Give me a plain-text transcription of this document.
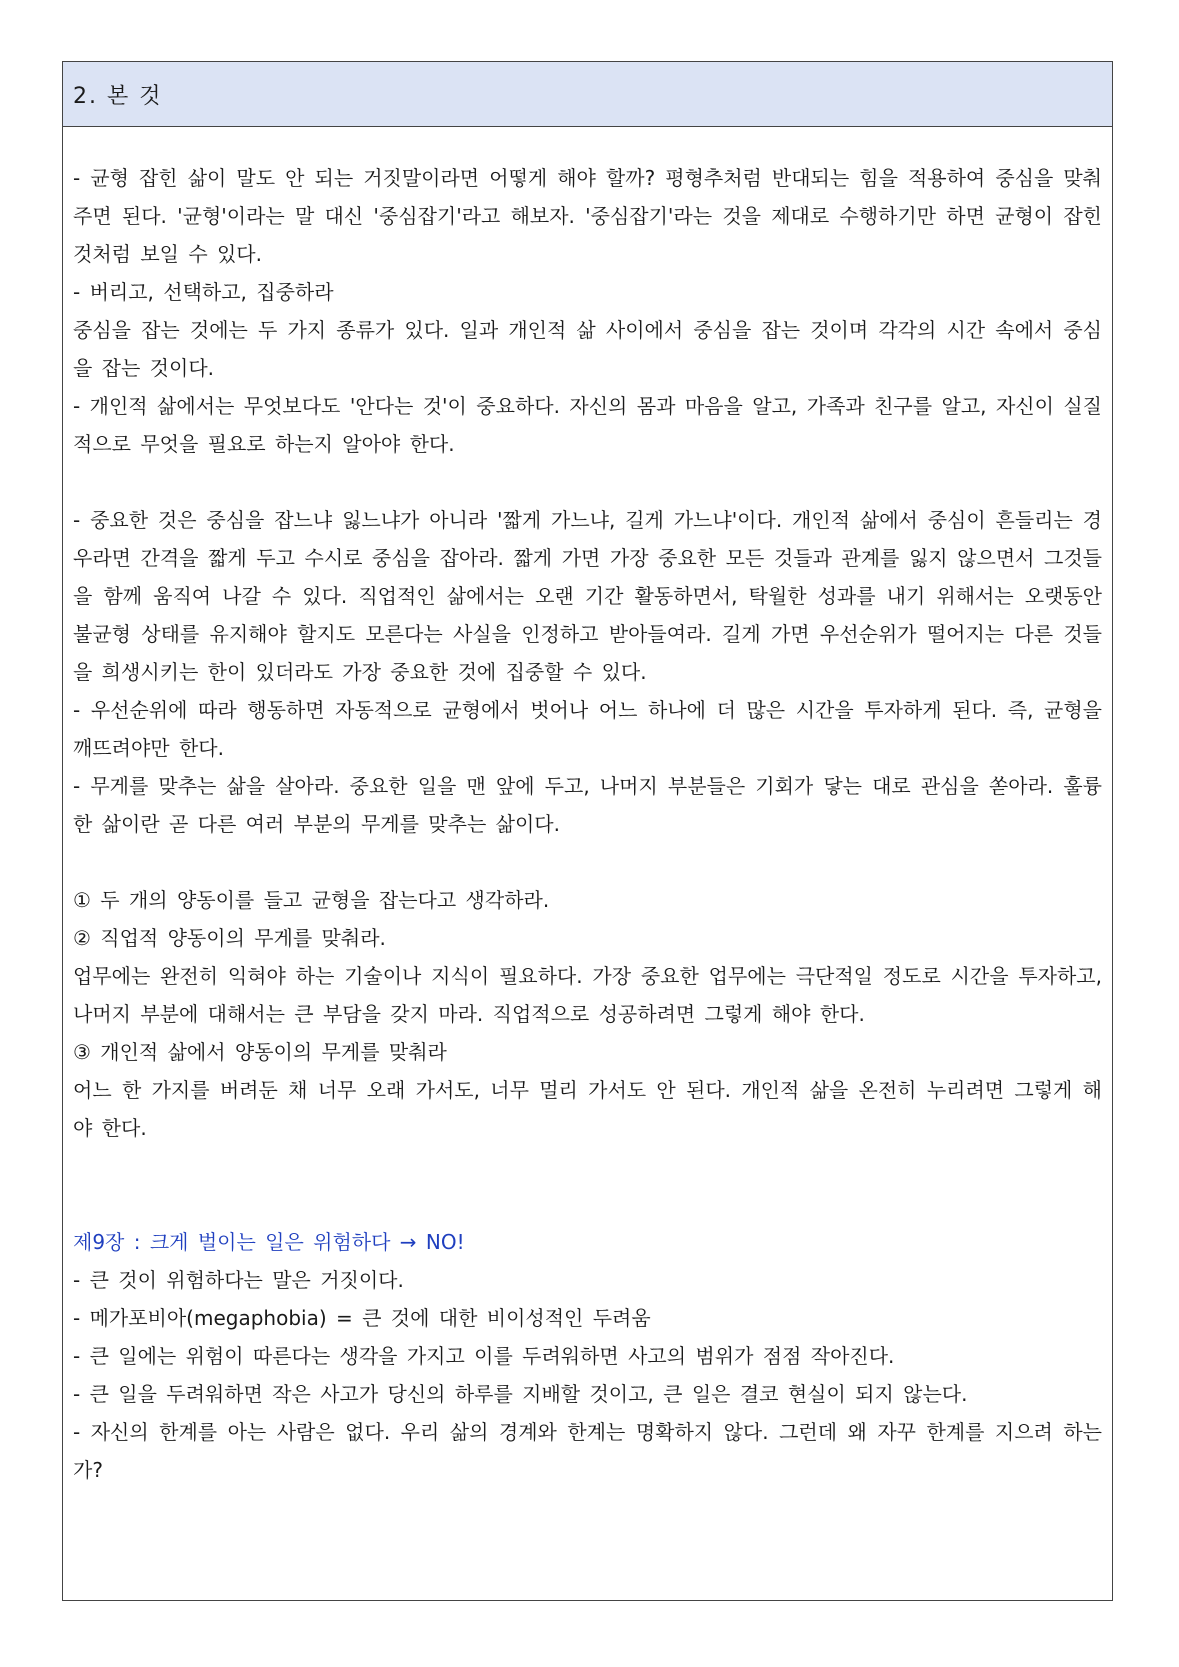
2. 본 것

- 균형 잡힌 삶이 말도 안 되는 거짓말이라면 어떻게 해야 할까? 평형추처럼 반대되는 힘을 적용하여 중심을 맞춰주면 된다. '균형'이라는 말 대신 '중심잡기'라고 해보자. '중심잡기'라는 것을 제대로 수행하기만 하면 균형이 잡힌 것처럼 보일 수 있다.

- 버리고, 선택하고, 집중하라

중심을 잡는 것에는 두 가지 종류가 있다. 일과 개인적 삶 사이에서 중심을 잡는 것이며 각각의 시간 속에서 중심을 잡는 것이다.

- 개인적 삶에서는 무엇보다도 '안다는 것'이 중요하다. 자신의 몸과 마음을 알고, 가족과 친구를 알고, 자신이 실질적으로 무엇을 필요로 하는지 알아야 한다.

- 중요한 것은 중심을 잡느냐 잃느냐가 아니라 '짧게 가느냐, 길게 가느냐'이다. 개인적 삶에서 중심이 흔들리는 경우라면 간격을 짧게 두고 수시로 중심을 잡아라. 짧게 가면 가장 중요한 모든 것들과 관계를 잃지 않으면서 그것들을 함께 움직여 나갈 수 있다. 직업적인 삶에서는 오랜 기간 활동하면서, 탁월한 성과를 내기 위해서는 오랫동안 불균형 상태를 유지해야 할지도 모른다는 사실을 인정하고 받아들여라. 길게 가면 우선순위가 떨어지는 다른 것들을 희생시키는 한이 있더라도 가장 중요한 것에 집중할 수 있다.

- 우선순위에 따라 행동하면 자동적으로 균형에서 벗어나 어느 하나에 더 많은 시간을 투자하게 된다. 즉, 균형을 깨뜨려야만 한다.

- 무게를 맞추는 삶을 살아라. 중요한 일을 맨 앞에 두고, 나머지 부분들은 기회가 닿는 대로 관심을 쏟아라. 훌륭한 삶이란 곧 다른 여러 부분의 무게를 맞추는 삶이다.

① 두 개의 양동이를 들고 균형을 잡는다고 생각하라.

② 직업적 양동이의 무게를 맞춰라.

업무에는 완전히 익혀야 하는 기술이나 지식이 필요하다. 가장 중요한 업무에는 극단적일 정도로 시간을 투자하고, 나머지 부분에 대해서는 큰 부담을 갖지 마라. 직업적으로 성공하려면 그렇게 해야 한다.

③ 개인적 삶에서 양동이의 무게를 맞춰라

어느 한 가지를 버려둔 채 너무 오래 가서도, 너무 멀리 가서도 안 된다. 개인적 삶을 온전히 누리려면 그렇게 해야 한다.

제9장 : 크게 벌이는 일은 위험하다 → NO!

- 큰 것이 위험하다는 말은 거짓이다.

- 메가포비아(megaphobia) = 큰 것에 대한 비이성적인 두려움

- 큰 일에는 위험이 따른다는 생각을 가지고 이를 두려워하면 사고의 범위가 점점 작아진다.

- 큰 일을 두려워하면 작은 사고가 당신의 하루를 지배할 것이고, 큰 일은 결코 현실이 되지 않는다.

- 자신의 한계를 아는 사람은 없다. 우리 삶의 경계와 한계는 명확하지 않다. 그런데 왜 자꾸 한계를 지으려 하는가?
